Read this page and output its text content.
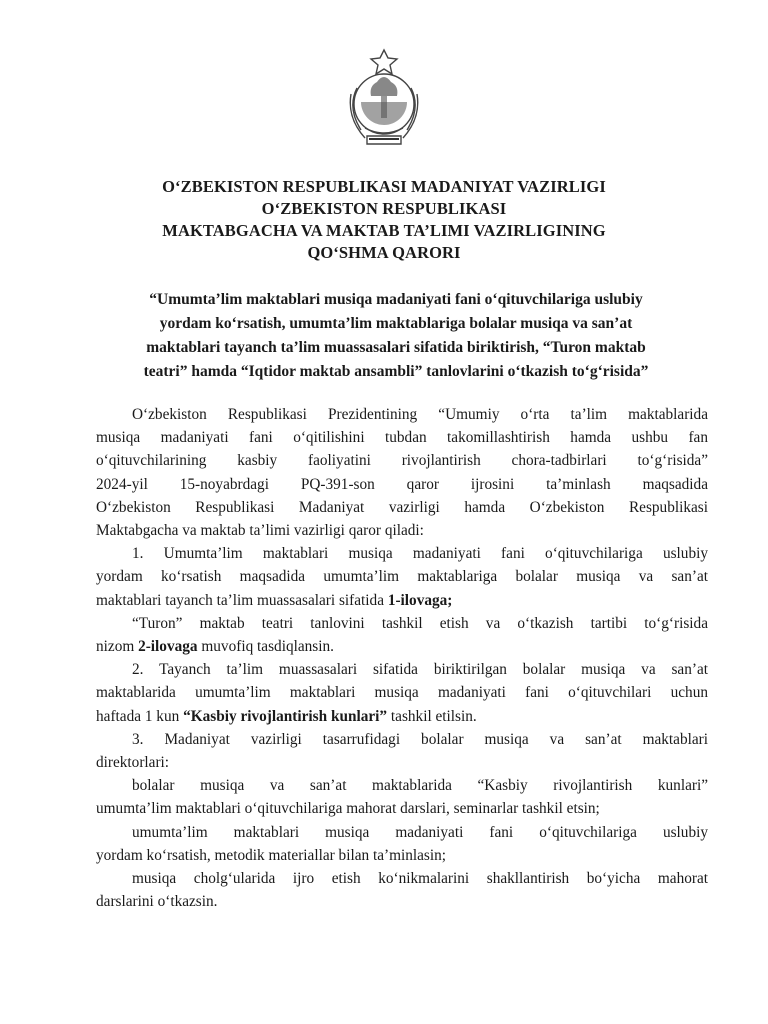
O‘ZBEKISTON RESPUBLIKASI MADANIYAT VAZIRLIGI
O‘ZBEKISTON RESPUBLIKASI
MAKTABGACHA VA MAKTAB TA’LIMI VAZIRLIGINING
QO‘SHMA QARORI
“Umumta’lim maktablari musiqa madaniyati fani o‘qituvchilariga uslubiy
yordam ko‘rsatish, umumta’lim maktablariga bolalar musiqa va san’at
maktablari tayanch ta’lim muassasalari sifatida biriktirish, “Turon maktab
teatri” hamda “Iqtidor maktab ansambli” tanlovlarini o‘tkazish to‘g‘risida”

O‘zbekiston Respublikasi Prezidentining “Umumiy o‘rta ta’lim maktablarida
musiqa madaniyati fani o‘qitilishini tubdan takomillashtirish hamda ushbu fan
o‘qituvchilarining kasbiy faoliyatini rivojlantirish chora-tadbirlari to‘g‘risida”
2024-yil 15-noyabrdagi PQ-391-son qaror ijrosini ta’minlash maqsadida
O‘zbekiston Respublikasi Madaniyat vazirligi hamda O‘zbekiston Respublikasi
Maktabgacha va maktab ta’limi vazirligi qaror qiladi:

1. Umumta’lim maktablari musiqa madaniyati fani o‘qituvchilariga uslubiy
yordam ko‘rsatish maqsadida umumta’lim maktablariga bolalar musiqa va san’at
maktablari tayanch ta’lim muassasalari sifatida 1-ilovaga;

“Turon” maktab teatri tanlovini tashkil etish va o‘tkazish tartibi to‘g‘risida
nizom 2-ilovaga muvofiq tasdiqlansin.

2. Tayanch ta’lim muassasalari sifatida biriktirilgan bolalar musiqa va san’at
maktablarida umumta’lim maktablari musiqa madaniyati fani o‘qituvchilari uchun
haftada 1 kun “Kasbiy rivojlantirish kunlari” tashkil etilsin.

3. Madaniyat vazirligi tasarrufidagi bolalar musiqa va san’at maktablari
direktorlari:

bolalar musiqa va san’at maktablarida “Kasbiy rivojlantirish kunlari”
umumta’lim maktablari o‘qituvchilariga mahorat darslari, seminarlar tashkil etsin;

umumta’lim maktablari musiqa madaniyati fani o‘qituvchilariga uslubiy
yordam ko‘rsatish, metodik materiallar bilan ta’minlasin;

musiqa cholg‘ularida ijro etish ko‘nikmalarini shakllantirish bo‘yicha mahorat
darslarini o‘tkazsin.
